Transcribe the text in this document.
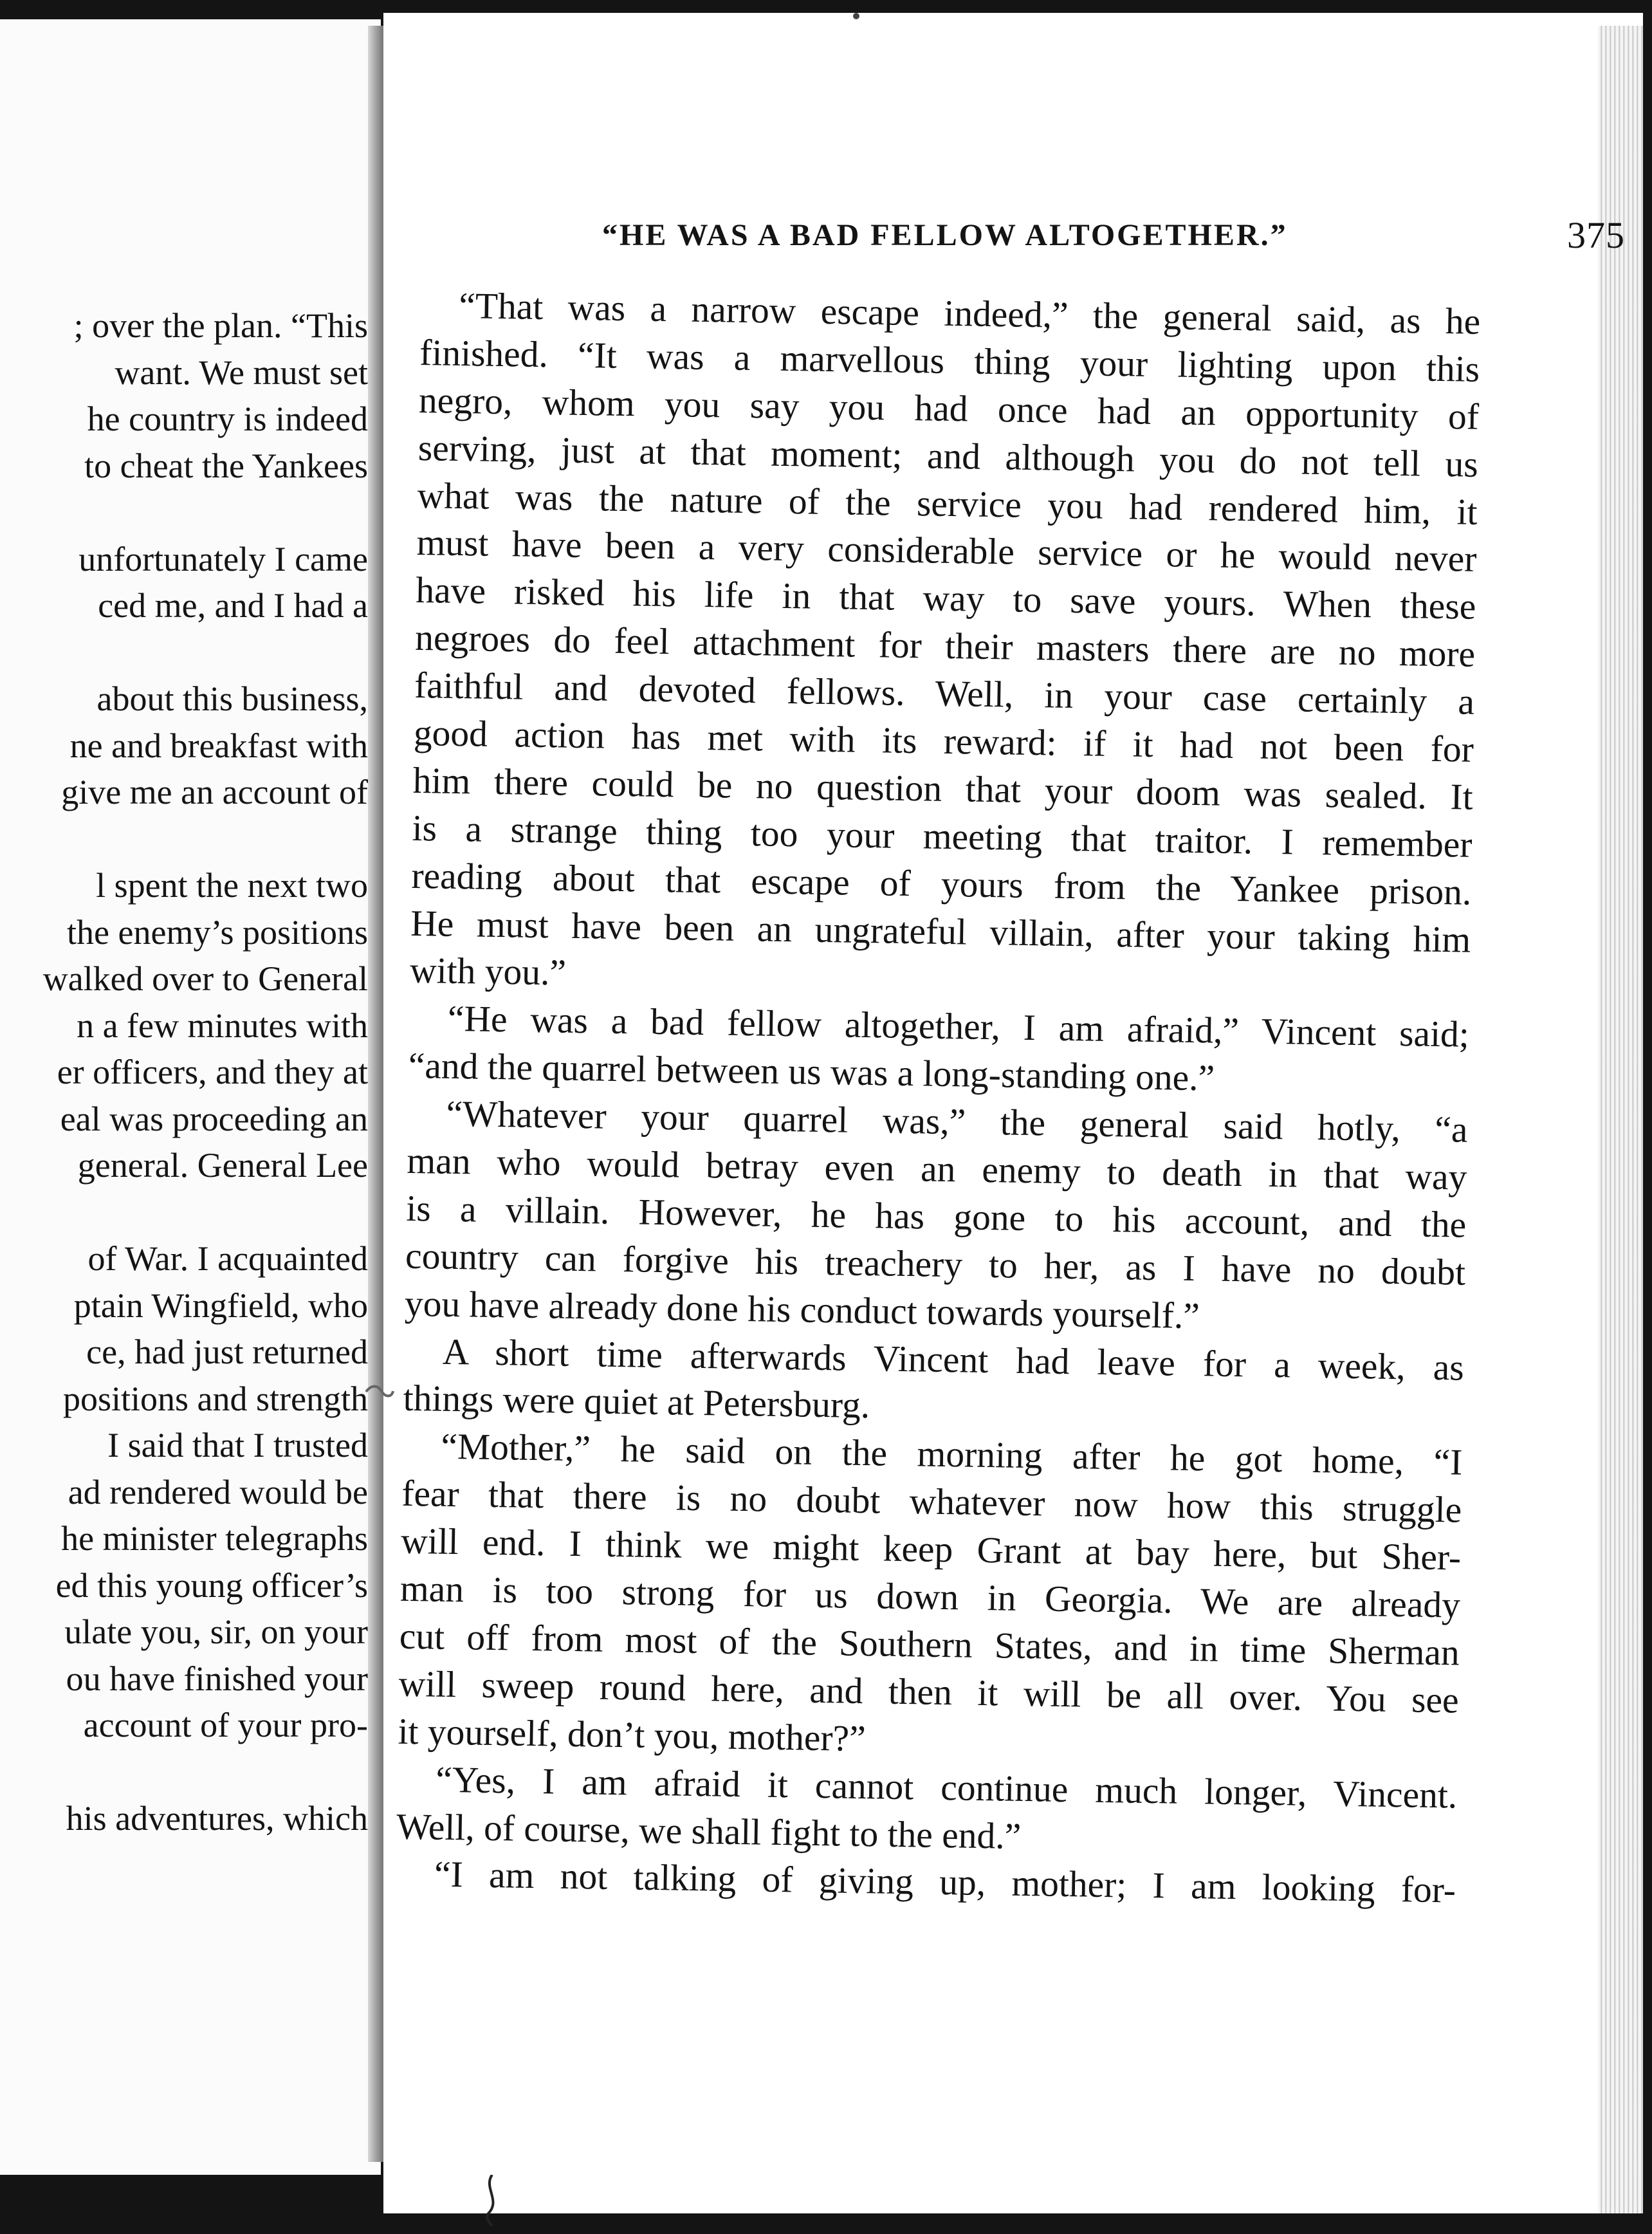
; over the plan. “This
want. We must set
he country is indeed
to cheat the Yankees
unfortunately I came
ced me, and I had a
about this business,
ne and breakfast with
give me an account of
l spent the next two
the enemy’s positions
walked over to General
n a few minutes with
er officers, and they at
eal was proceeding an
general. General Lee
of War. I acquainted
ptain Wingfield, who
ce, had just returned
positions and strength
I said that I trusted
ad rendered would be
he minister telegraphs
ed this young officer’s
ulate you, sir, on your
ou have finished your
account of your pro-
his adventures, which
“HE WAS A BAD FELLOW ALTOGETHER.”	375
“That was a narrow escape indeed,” the general said, as he
finished. “It was a marvellous thing your lighting upon this
negro, whom you say you had once had an opportunity of
serving, just at that moment; and although you do not tell us
what was the nature of the service you had rendered him, it
must have been a very considerable service or he would never
have risked his life in that way to save yours. When these
negroes do feel attachment for their masters there are no more
faithful and devoted fellows. Well, in your case certainly a
good action has met with its reward: if it had not been for
him there could be no question that your doom was sealed. It
is a strange thing too your meeting that traitor. I remember
reading about that escape of yours from the Yankee prison.
He must have been an ungrateful villain, after your taking him
with you.”
“He was a bad fellow altogether, I am afraid,” Vincent said;
“and the quarrel between us was a long-standing one.”
“Whatever your quarrel was,” the general said hotly, “a
man who would betray even an enemy to death in that way
is a villain. However, he has gone to his account, and the
country can forgive his treachery to her, as I have no doubt
you have already done his conduct towards yourself.”
A short time afterwards Vincent had leave for a week, as
things were quiet at Petersburg.
“Mother,” he said on the morning after he got home, “I
fear that there is no doubt whatever now how this struggle
will end. I think we might keep Grant at bay here, but Sher-
man is too strong for us down in Georgia. We are already
cut off from most of the Southern States, and in time Sherman
will sweep round here, and then it will be all over. You see
it yourself, don’t you, mother?”
“Yes, I am afraid it cannot continue much longer, Vincent.
Well, of course, we shall fight to the end.”
“I am not talking of giving up, mother; I am looking for-
